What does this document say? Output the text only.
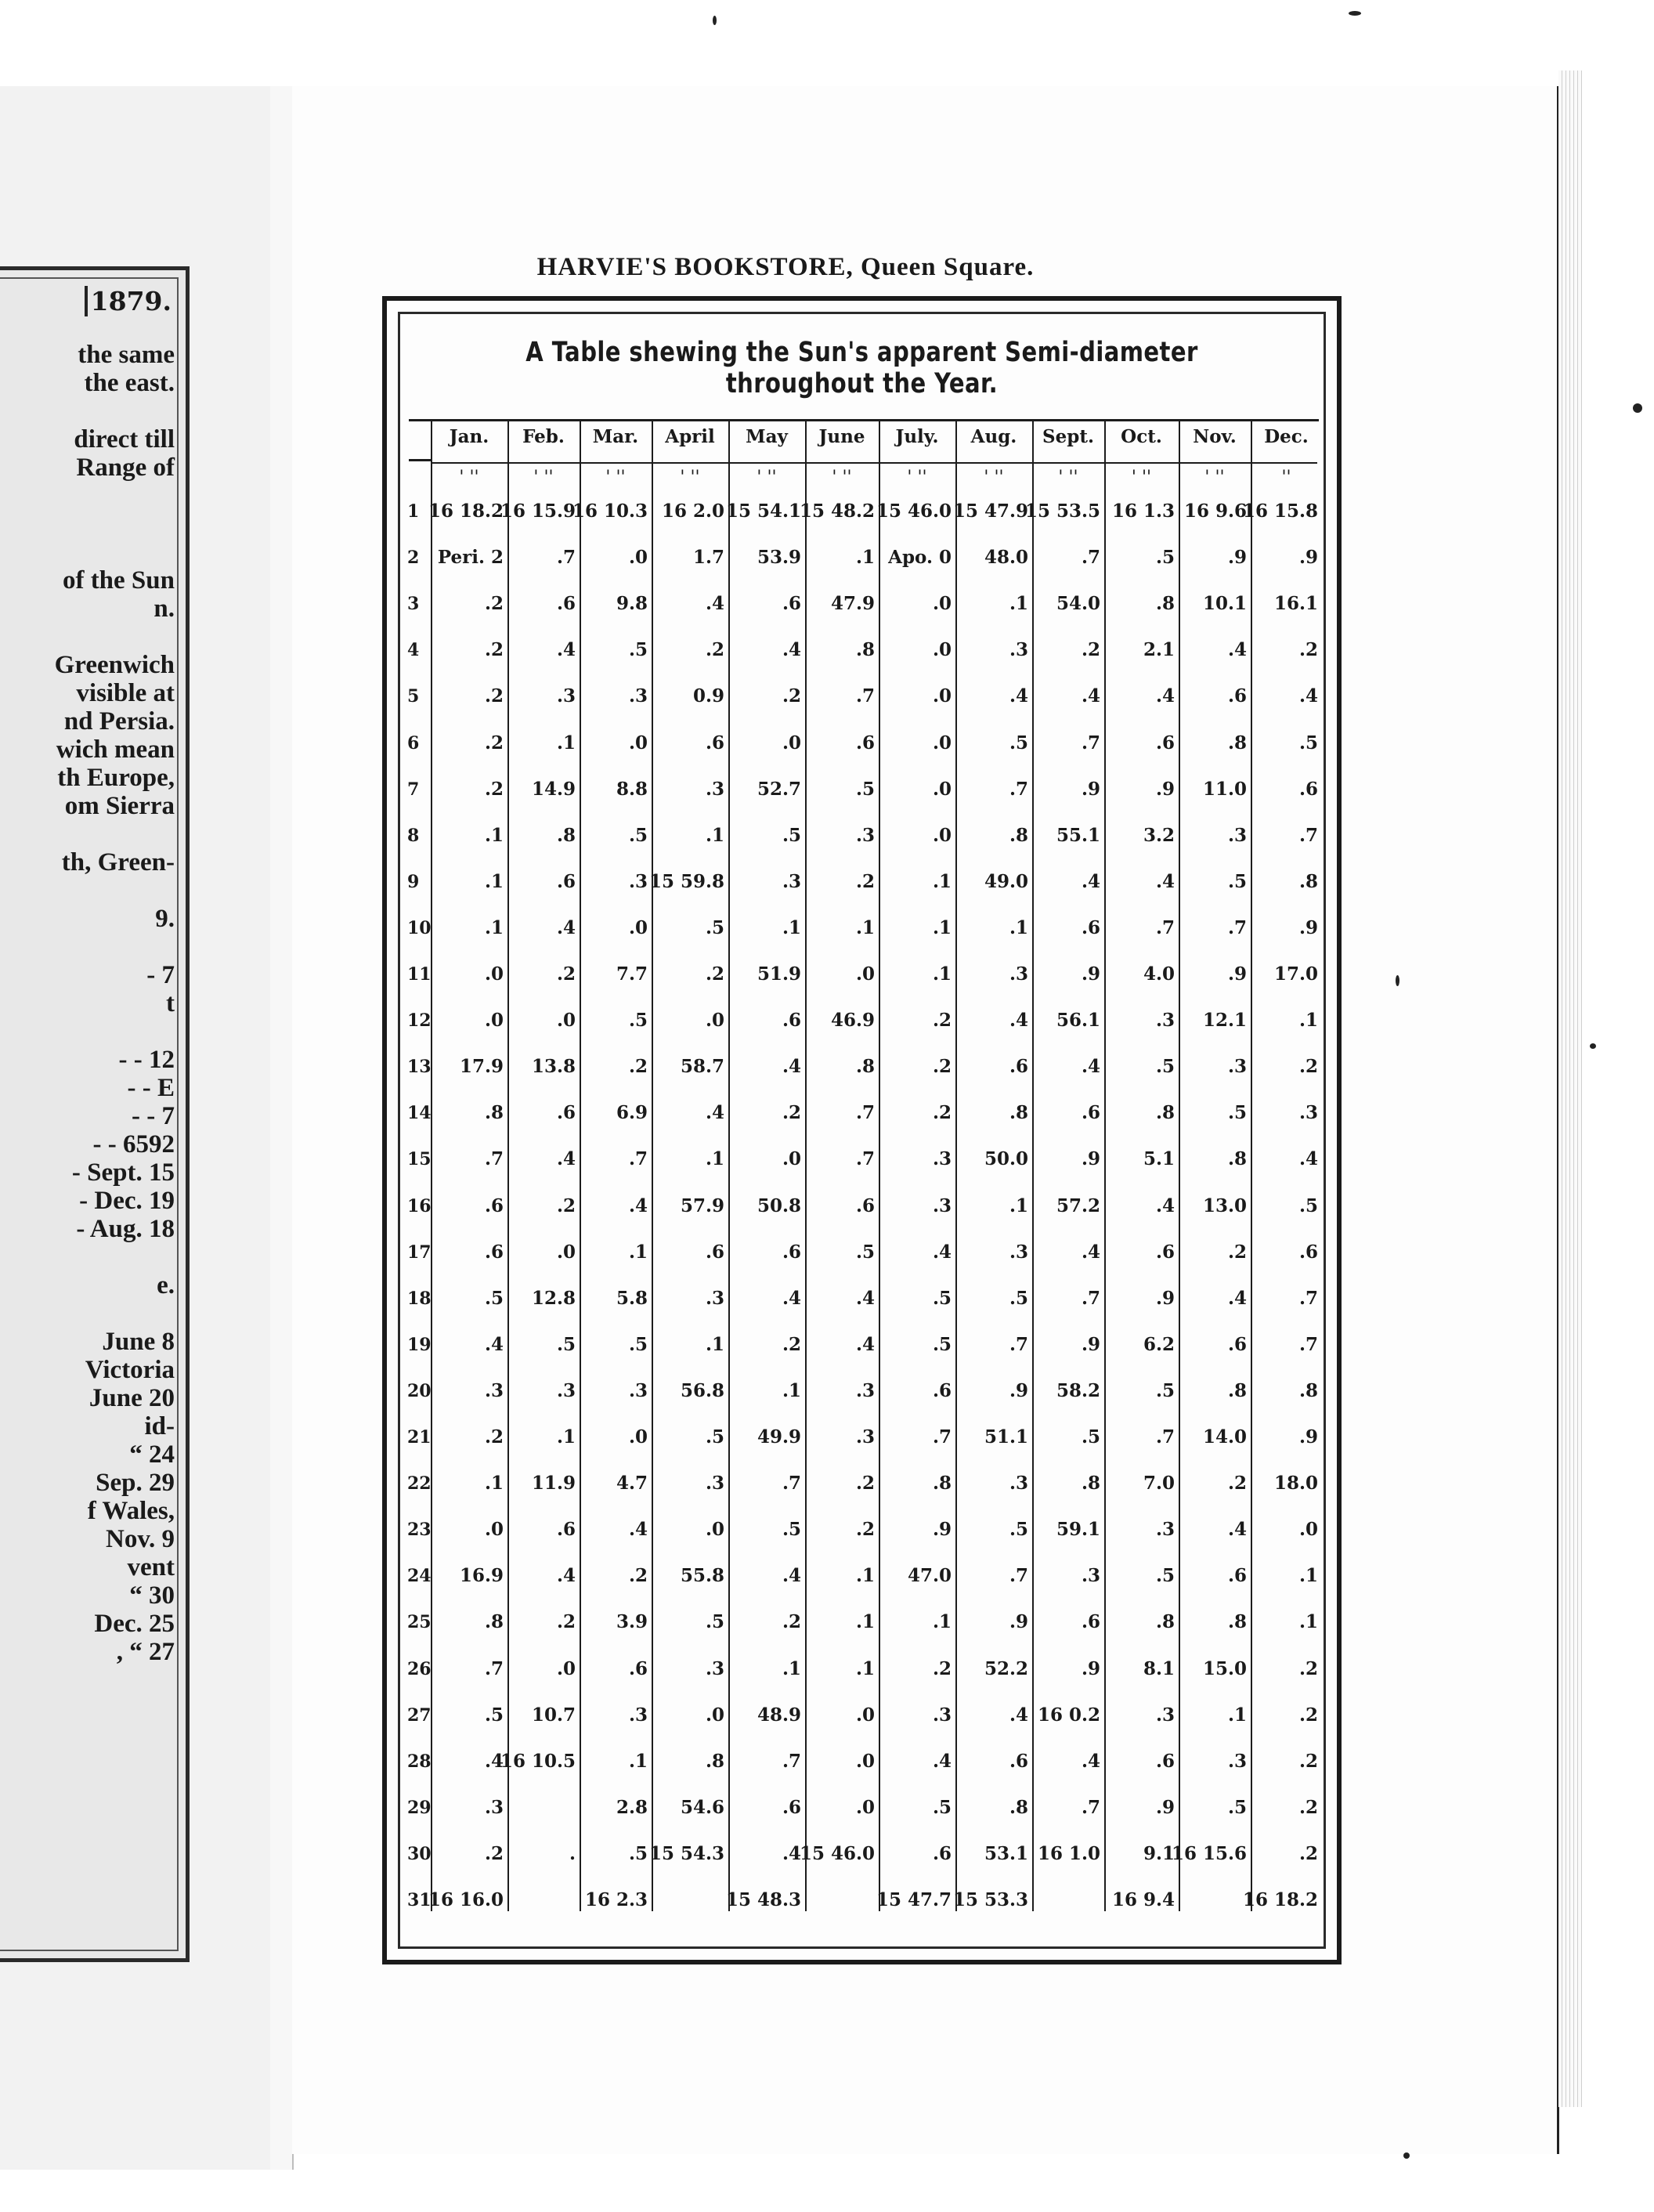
1879.
the same
the east.
direct till
Range of
of the Sun
n.
Greenwich
visible at
nd Persia.
wich mean
th Europe,
om Sierra
th, Green-
9.
- 7
t
- - 12
- - E
- - 7
- - 6592
- Sept. 15
- Dec. 19
- Aug. 18
e.
June 8
Victoria
June 20
id-
“ 24
Sep. 29
f Wales,
Nov. 9
vent
“ 30
Dec. 25
, “ 27
HARVIE'S BOOKSTORE, Queen Square.
A Table shewing the Sun's apparent Semi-diameter throughout the Year.
Jan.
' ''
Feb.
' ''
Mar.
' ''
April
' ''
May
' ''
June
' ''
July.
' ''
Aug.
' ''
Sept.
' ''
Oct.
' ''
Nov.
' ''
Dec.
''
1
2
3
4
5
6
7
8
9
10
11
12
13
14
15
16
17
18
19
20
21
22
23
24
25
26
27
28
29
30
31
16 18.2
Peri. 2
.2
.2
.2
.2
.2
.1
.1
.1
.0
.0
17.9
.8
.7
.6
.6
.5
.4
.3
.2
.1
.0
16.9
.8
.7
.5
.4
.3
.2
16 16.0
16 15.9
.7
.6
.4
.3
.1
14.9
.8
.6
.4
.2
.0
13.8
.6
.4
.2
.0
12.8
.5
.3
.1
11.9
.6
.4
.2
.0
10.7
16 10.5
.
16 10.3
.0
9.8
.5
.3
.0
8.8
.5
.3
.0
7.7
.5
.2
6.9
.7
.4
.1
5.8
.5
.3
.0
4.7
.4
.2
3.9
.6
.3
.1
2.8
.5
16 2.3
16 2.0
1.7
.4
.2
0.9
.6
.3
.1
15 59.8
.5
.2
.0
58.7
.4
.1
57.9
.6
.3
.1
56.8
.5
.3
.0
55.8
.5
.3
.0
.8
54.6
15 54.3
15 54.1
53.9
.6
.4
.2
.0
52.7
.5
.3
.1
51.9
.6
.4
.2
.0
50.8
.6
.4
.2
.1
49.9
.7
.5
.4
.2
.1
48.9
.7
.6
.4
15 48.3
15 48.2
.1
47.9
.8
.7
.6
.5
.3
.2
.1
.0
46.9
.8
.7
.7
.6
.5
.4
.4
.3
.3
.2
.2
.1
.1
.1
.0
.0
.0
15 46.0
15 46.0
Apo. 0
.0
.0
.0
.0
.0
.0
.1
.1
.1
.2
.2
.2
.3
.3
.4
.5
.5
.6
.7
.8
.9
47.0
.1
.2
.3
.4
.5
.6
15 47.7
15 47.9
48.0
.1
.3
.4
.5
.7
.8
49.0
.1
.3
.4
.6
.8
50.0
.1
.3
.5
.7
.9
51.1
.3
.5
.7
.9
52.2
.4
.6
.8
53.1
15 53.3
15 53.5
.7
54.0
.2
.4
.7
.9
55.1
.4
.6
.9
56.1
.4
.6
.9
57.2
.4
.7
.9
58.2
.5
.8
59.1
.3
.6
.9
16 0.2
.4
.7
16 1.0
16 1.3
.5
.8
2.1
.4
.6
.9
3.2
.4
.7
4.0
.3
.5
.8
5.1
.4
.6
.9
6.2
.5
.7
7.0
.3
.5
.8
8.1
.3
.6
.9
9.1
16 9.4
16 9.6
.9
10.1
.4
.6
.8
11.0
.3
.5
.7
.9
12.1
.3
.5
.8
13.0
.2
.4
.6
.8
14.0
.2
.4
.6
.8
15.0
.1
.3
.5
16 15.6
16 15.8
.9
16.1
.2
.4
.5
.6
.7
.8
.9
17.0
.1
.2
.3
.4
.5
.6
.7
.7
.8
.9
18.0
.0
.1
.1
.2
.2
.2
.2
.2
16 18.2
